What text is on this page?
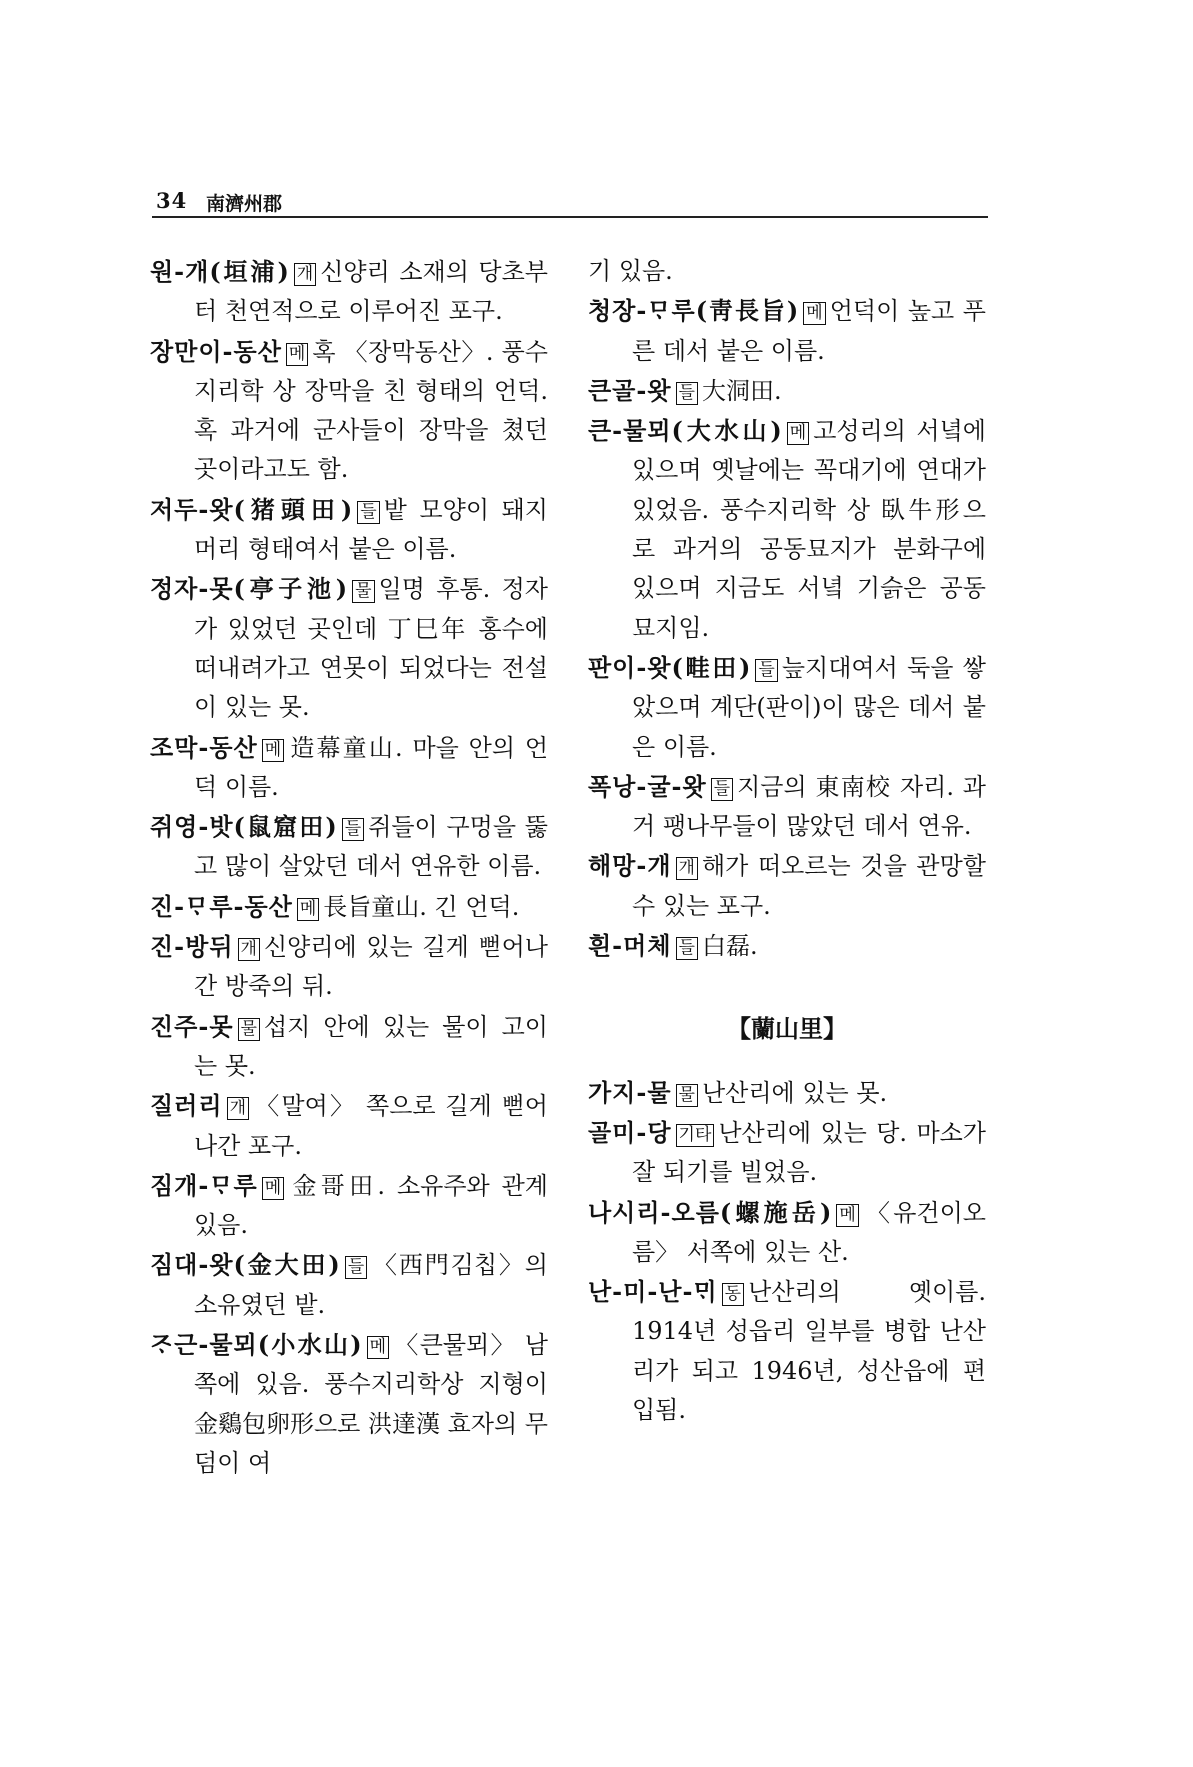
34 南濟州郡
원-개(垣浦) 개 신양리 소재의 당초부터 천연적으로 이루어진 포구.
장만이-동산 메 혹 〈장막동산〉. 풍수지리학 상 장막을 친 형태의 언덕. 혹 과거에 군사들이 장막을 쳤던 곳이라고도 함.
저두-왓(猪頭田) 들 밭 모양이 돼지 머리 형태여서 붙은 이름.
정자-못(亭子池) 물 일명 후통. 정자가 있었던 곳인데 丁巳年 홍수에 떠내려가고 연못이 되었다는 전설이 있는 못.
조막-동산 메 造幕童山. 마을 안의 언덕 이름.
쥐영-밧(鼠窟田) 들 쥐들이 구멍을 뚫고 많이 살았던 데서 연유한 이름.
진-ᄆᆞ루-동산 메 長旨童山. 긴 언덕.
진-방뒤 개 신양리에 있는 길게 뻗어나간 방죽의 뒤.
진주-못 물 섭지 안에 있는 물이 고이는 못.
질러리 개 〈말여〉 쪽으로 길게 뻗어나간 포구.
짐개-ᄆᆞ루 메 金哥田. 소유주와 관계 있음.
짐대-왓(金大田) 들 〈西門김칩〉의 소유였던 밭.
ᄌᆞ근-물뫼(小水山) 메 〈큰물뫼〉 남쪽에 있음. 풍수지리학상 지형이 金鷄包卵形으로 洪達漢 효자의 무덤이 여
기 있음.
청장-ᄆᆞ루(靑長旨) 메 언덕이 높고 푸른 데서 붙은 이름.
큰골-왓 들 大洞田.
큰-물뫼(大水山) 메 고성리의 서녘에 있으며 옛날에는 꼭대기에 연대가 있었음. 풍수지리학 상 臥牛形으로 과거의 공동묘지가 분화구에 있으며 지금도 서녘 기슭은 공동묘지임.
판이-왓(畦田) 들 늪지대여서 둑을 쌓았으며 계단(판이)이 많은 데서 붙은 이름.
폭낭-굴-왓 들 지금의 東南校 자리. 과거 팽나무들이 많았던 데서 연유.
해망-개 개 해가 떠오르는 것을 관망할 수 있는 포구.
흰-머체 들 白磊.
【蘭山里】
가지-물 물 난산리에 있는 못.
골미-당 기타 난산리에 있는 당. 마소가 잘 되기를 빌었음.
나시리-오름(螺施岳) 메 〈유건이오름〉 서쪽에 있는 산.
난-미-난-ᄆᆡ 동 난산리의 옛이름. 1914년 성읍리 일부를 병합 난산리가 되고 1946년, 성산읍에 편입됨.
